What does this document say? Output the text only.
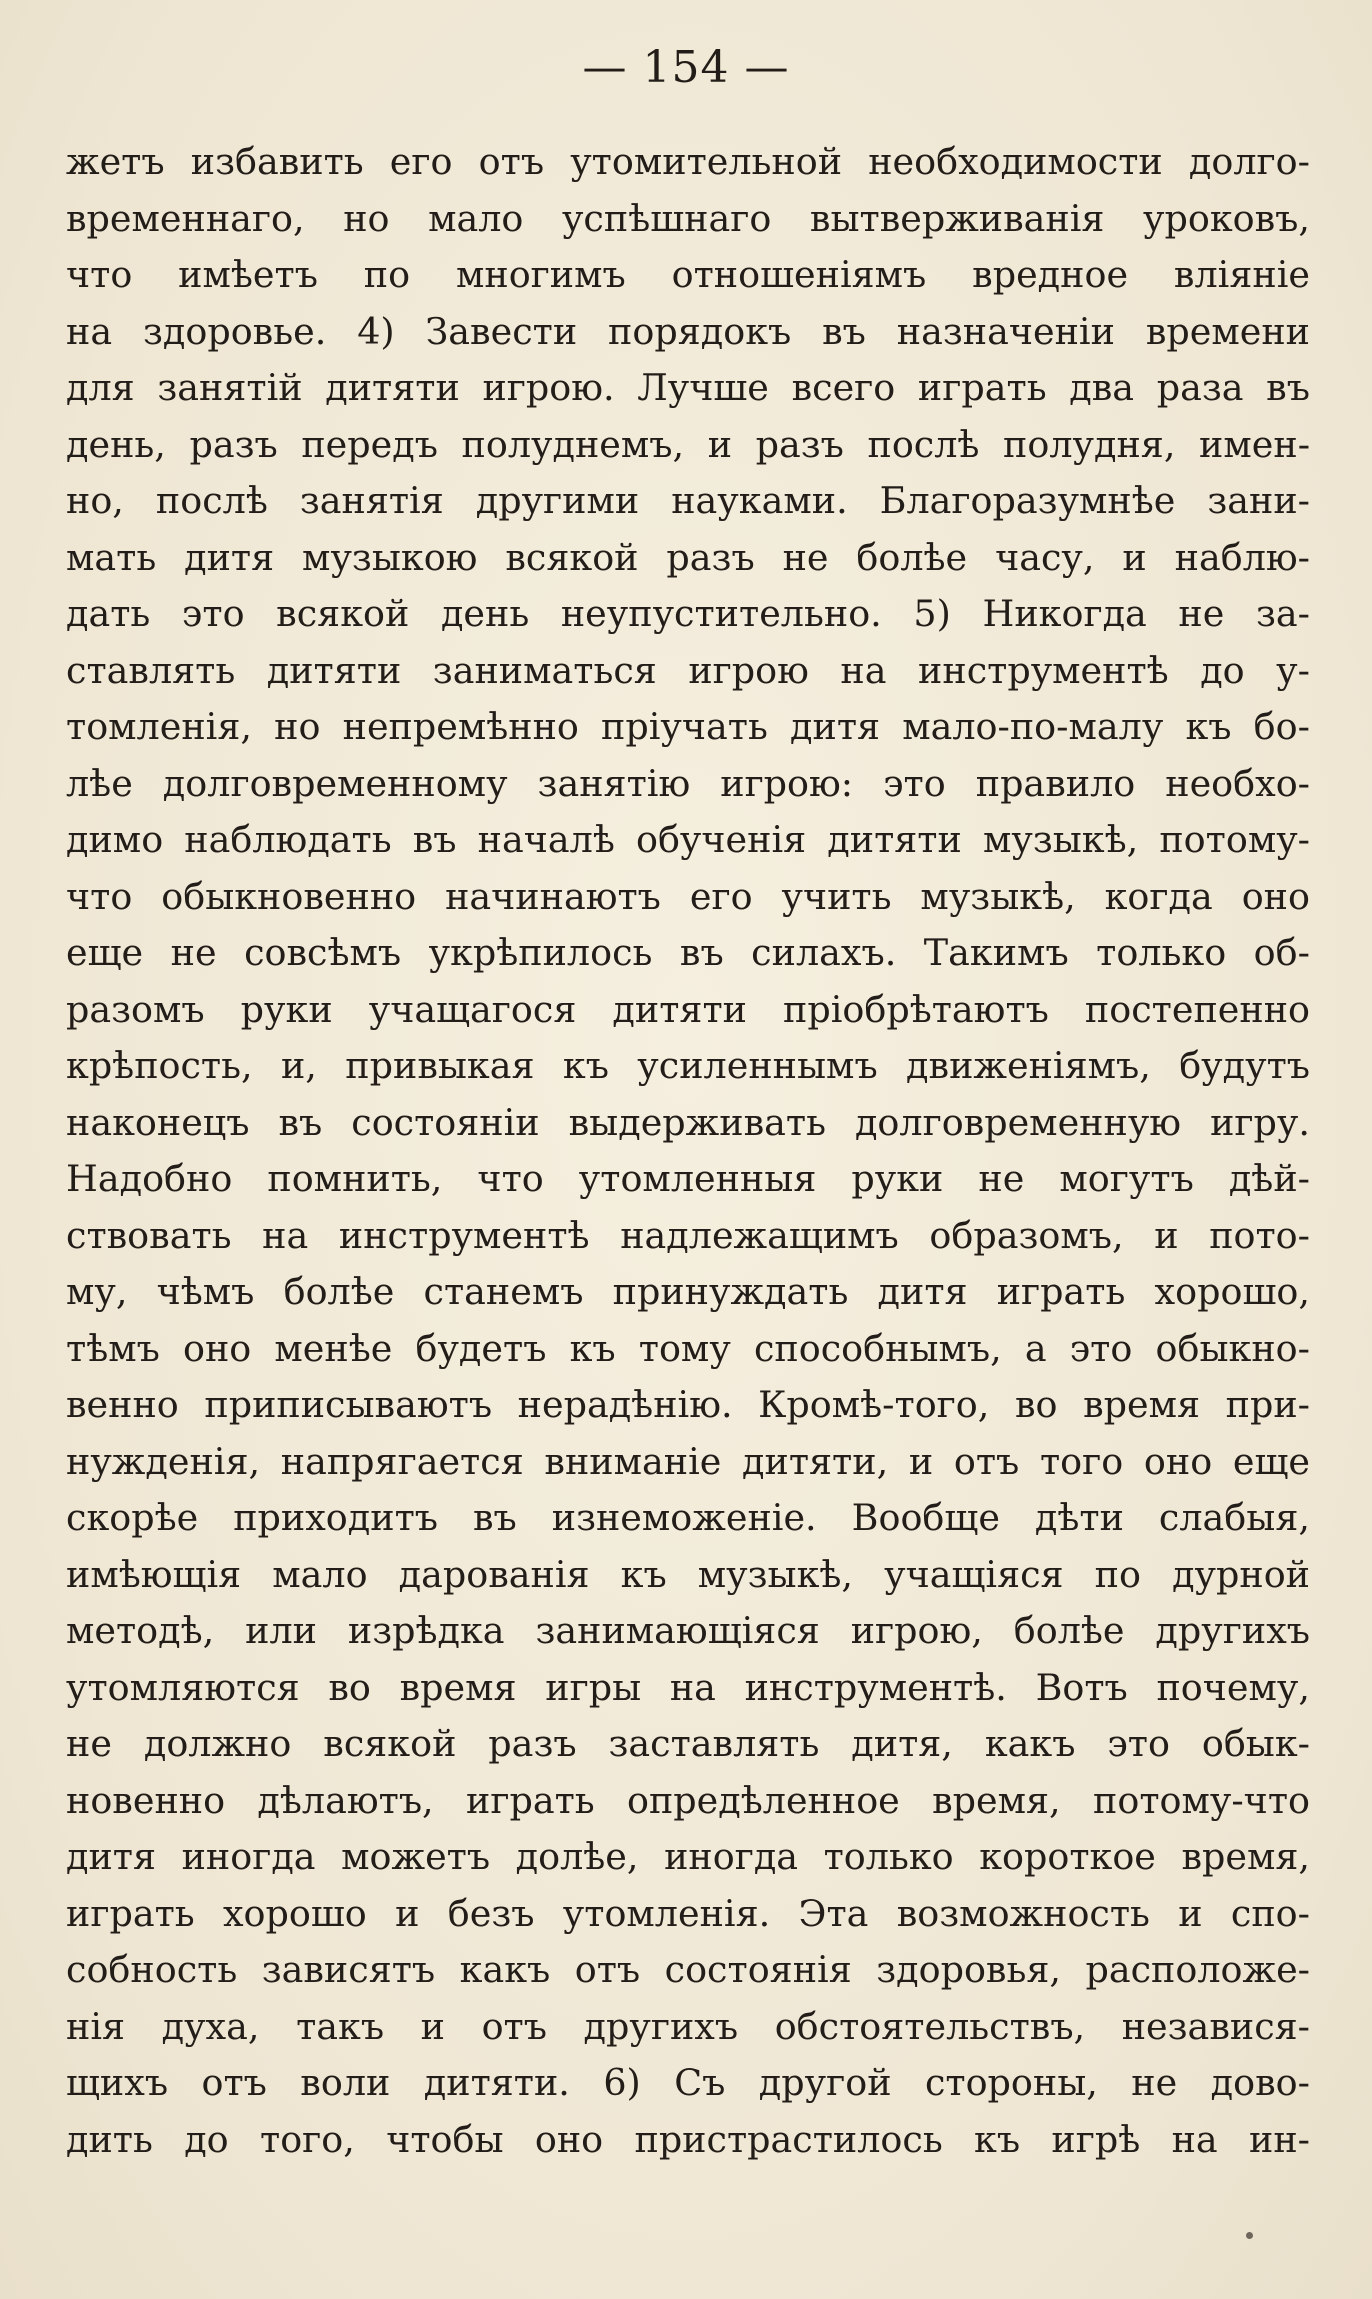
— 154 —
жетъ избавить его отъ утомительной необходимости долго-
временнаго, но мало успѣшнаго вытверживанія уроковъ,
что имѣетъ по многимъ отношеніямъ вредное вліяніе
на здоровье. 4) Завести порядокъ въ назначеніи времени
для занятій дитяти игрою. Лучше всего играть два раза въ
день, разъ передъ полуднемъ, и разъ послѣ полудня, имен-
но, послѣ занятія другими науками. Благоразумнѣе зани-
мать дитя музыкою всякой разъ не болѣе часу, и наблю-
дать это всякой день неупустительно. 5) Никогда не за-
ставлять дитяти заниматься игрою на инструментѣ до у-
томленія, но непремѣнно пріучать дитя мало-по-малу къ бо-
лѣе долговременному занятію игрою: это правило необхо-
димо наблюдать въ началѣ обученія дитяти музыкѣ, потому-
что обыкновенно начинаютъ его учить музыкѣ, когда оно
еще не совсѣмъ укрѣпилось въ силахъ. Такимъ только об-
разомъ руки учащагося дитяти пріобрѣтаютъ постепенно
крѣпость, и, привыкая къ усиленнымъ движеніямъ, будутъ
наконецъ въ состояніи выдерживать долговременную игру.
Надобно помнить, что утомленныя руки не могутъ дѣй-
ствовать на инструментѣ надлежащимъ образомъ, и пото-
му, чѣмъ болѣе станемъ принуждать дитя играть хорошо,
тѣмъ оно менѣе будетъ къ тому способнымъ, а это обыкно-
венно приписываютъ нерадѣнію. Кромѣ-того, во время при-
нужденія, напрягается вниманіе дитяти, и отъ того оно еще
скорѣе приходитъ въ изнеможеніе. Вообще дѣти слабыя,
имѣющія мало дарованія къ музыкѣ, учащіяся по дурной
методѣ, или изрѣдка занимающіяся игрою, болѣе другихъ
утомляются во время игры на инструментѣ. Вотъ почему,
не должно всякой разъ заставлять дитя, какъ это обык-
новенно дѣлаютъ, играть опредѣленное время, потому-что
дитя иногда можетъ долѣе, иногда только короткое время,
играть хорошо и безъ утомленія. Эта возможность и спо-
собность зависятъ какъ отъ состоянія здоровья, расположе-
нія духа, такъ и отъ другихъ обстоятельствъ, независя-
щихъ отъ воли дитяти. 6) Съ другой стороны, не дово-
дить до того, чтобы оно пристрастилось къ игрѣ на ин-
